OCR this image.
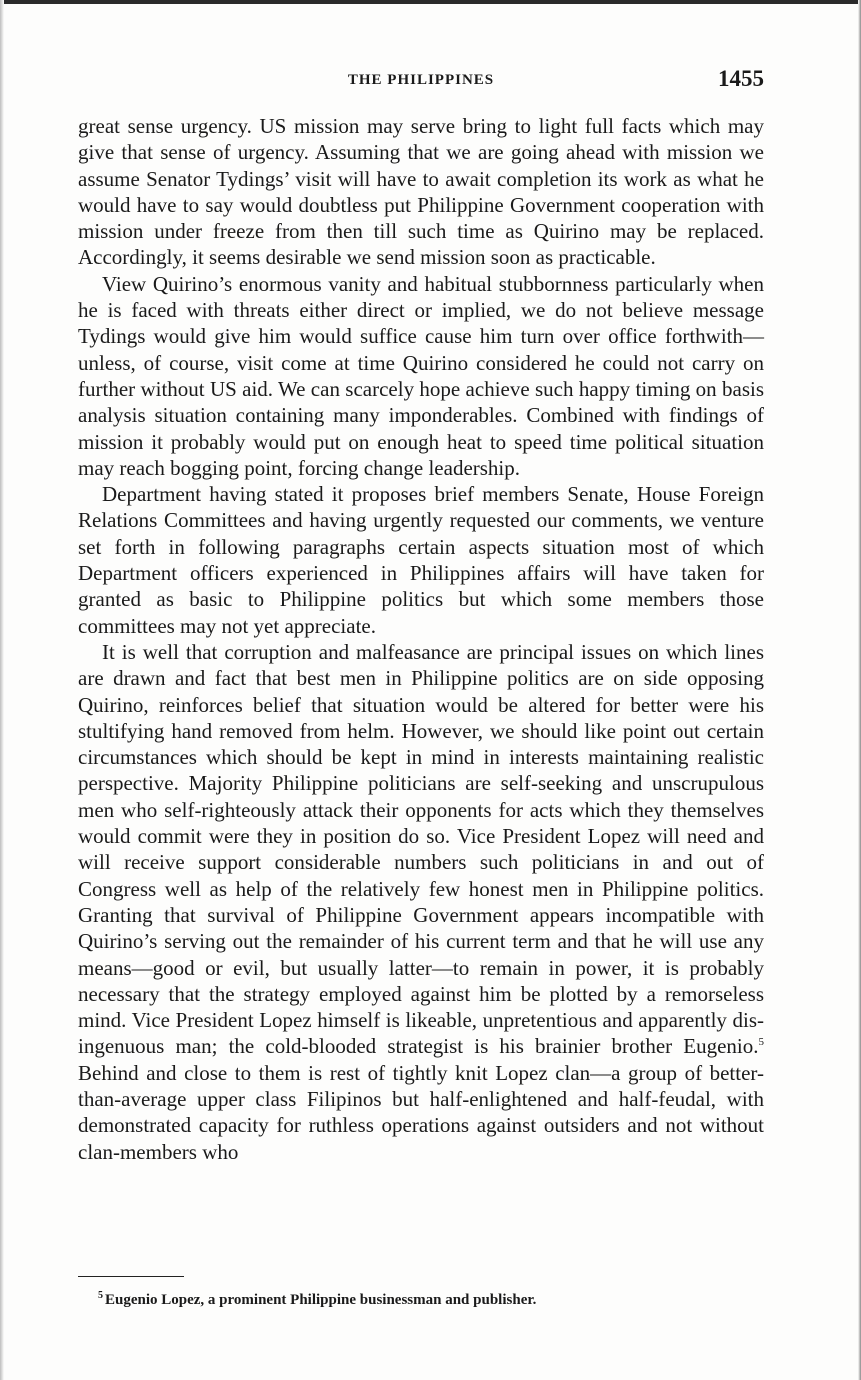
THE PHILIPPINES	1455

great sense urgency. US mission may serve bring to light full facts which may give that sense of urgency. Assuming that we are going ahead with mission we assume Senator Tydings’ visit will have to await completion its work as what he would have to say would doubtless put Philippine Government cooperation with mission under freeze from then till such time as Quirino may be replaced. Accordingly, it seems desirable we send mission soon as practicable.

View Quirino’s enormous vanity and habitual stubbornness particularly when he is faced with threats either direct or implied, we do not believe message Tydings would give him would suffice cause him turn over office forthwith—unless, of course, visit come at time Quirino considered he could not carry on further without US aid. We can scarcely hope achieve such happy timing on basis analysis situation containing many imponderables. Combined with findings of mission it probably would put on enough heat to speed time political situation may reach bogging point, forcing change leadership.

Department having stated it proposes brief members Senate, House Foreign Relations Committees and having urgently requested our comments, we venture set forth in following paragraphs certain aspects situation most of which Department officers experienced in Philippines affairs will have taken for granted as basic to Philippine politics but which some members those committees may not yet appreciate.

It is well that corruption and malfeasance are principal issues on which lines are drawn and fact that best men in Philippine politics are on side opposing Quirino, reinforces belief that situation would be altered for better were his stultifying hand removed from helm. However, we should like point out certain circumstances which should be kept in mind in interests maintaining realistic perspective. Majority Philippine politicians are self-seeking and unscrupulous men who self-righteously attack their opponents for acts which they themselves would commit were they in position do so. Vice President Lopez will need and will receive support considerable numbers such politicians in and out of Congress well as help of the relatively few honest men in Philippine politics. Granting that survival of Philippine Government appears incompatible with Quirino’s serving out the remainder of his current term and that he will use any means—good or evil, but usually latter—to remain in power, it is probably necessary that the strategy employed against him be plotted by a remorseless mind. Vice President Lopez himself is likeable, unpretentious and apparently disingenuous man; the cold-blooded strategist is his brainier brother Eugenio.$^5$ Behind and close to them is rest of tightly knit Lopez clan—a group of better-than-average upper class Filipinos but half-enlightened and half-feudal, with demonstrated capacity for ruthless operations against outsiders and not without clan-members who

$^5$ Eugenio Lopez, a prominent Philippine businessman and publisher.
